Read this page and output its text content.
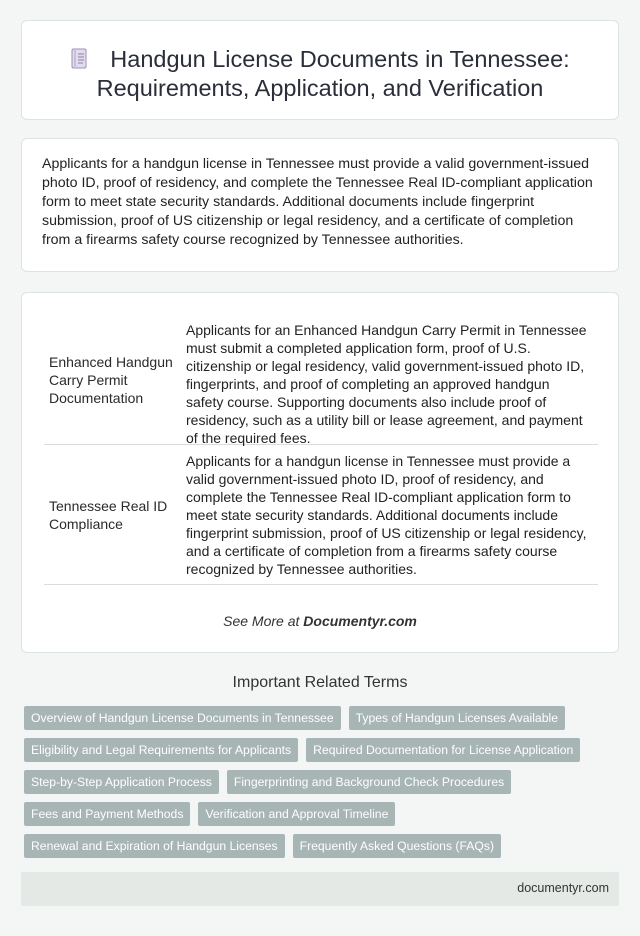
Handgun License Documents in Tennessee:
Requirements, Application, and Verification

Applicants for a handgun license in Tennessee must provide a valid government-issued photo ID, proof of residency, and complete the Tennessee Real ID-compliant application form to meet state security standards. Additional documents include fingerprint submission, proof of US citizenship or legal residency, and a certificate of completion from a firearms safety course recognized by Tennessee authorities.

Enhanced Handgun Carry Permit Documentation
Applicants for an Enhanced Handgun Carry Permit in Tennessee must submit a completed application form, proof of U.S. citizenship or legal residency, valid government-issued photo ID, fingerprints, and proof of completing an approved handgun safety course. Supporting documents also include proof of residency, such as a utility bill or lease agreement, and payment of the required fees.
Tennessee Real ID Compliance
Applicants for a handgun license in Tennessee must provide a valid government-issued photo ID, proof of residency, and complete the Tennessee Real ID-compliant application form to meet state security standards. Additional documents include fingerprint submission, proof of US citizenship or legal residency, and a certificate of completion from a firearms safety course recognized by Tennessee authorities.
See More at Documentyr.com
Important Related Terms
Overview of Handgun License Documents in Tennessee	Types of Handgun Licenses Available
Eligibility and Legal Requirements for Applicants	Required Documentation for License Application
Step-by-Step Application Process	Fingerprinting and Background Check Procedures
Fees and Payment Methods	Verification and Approval Timeline
Renewal and Expiration of Handgun Licenses	Frequently Asked Questions (FAQs)
documentyr.com
